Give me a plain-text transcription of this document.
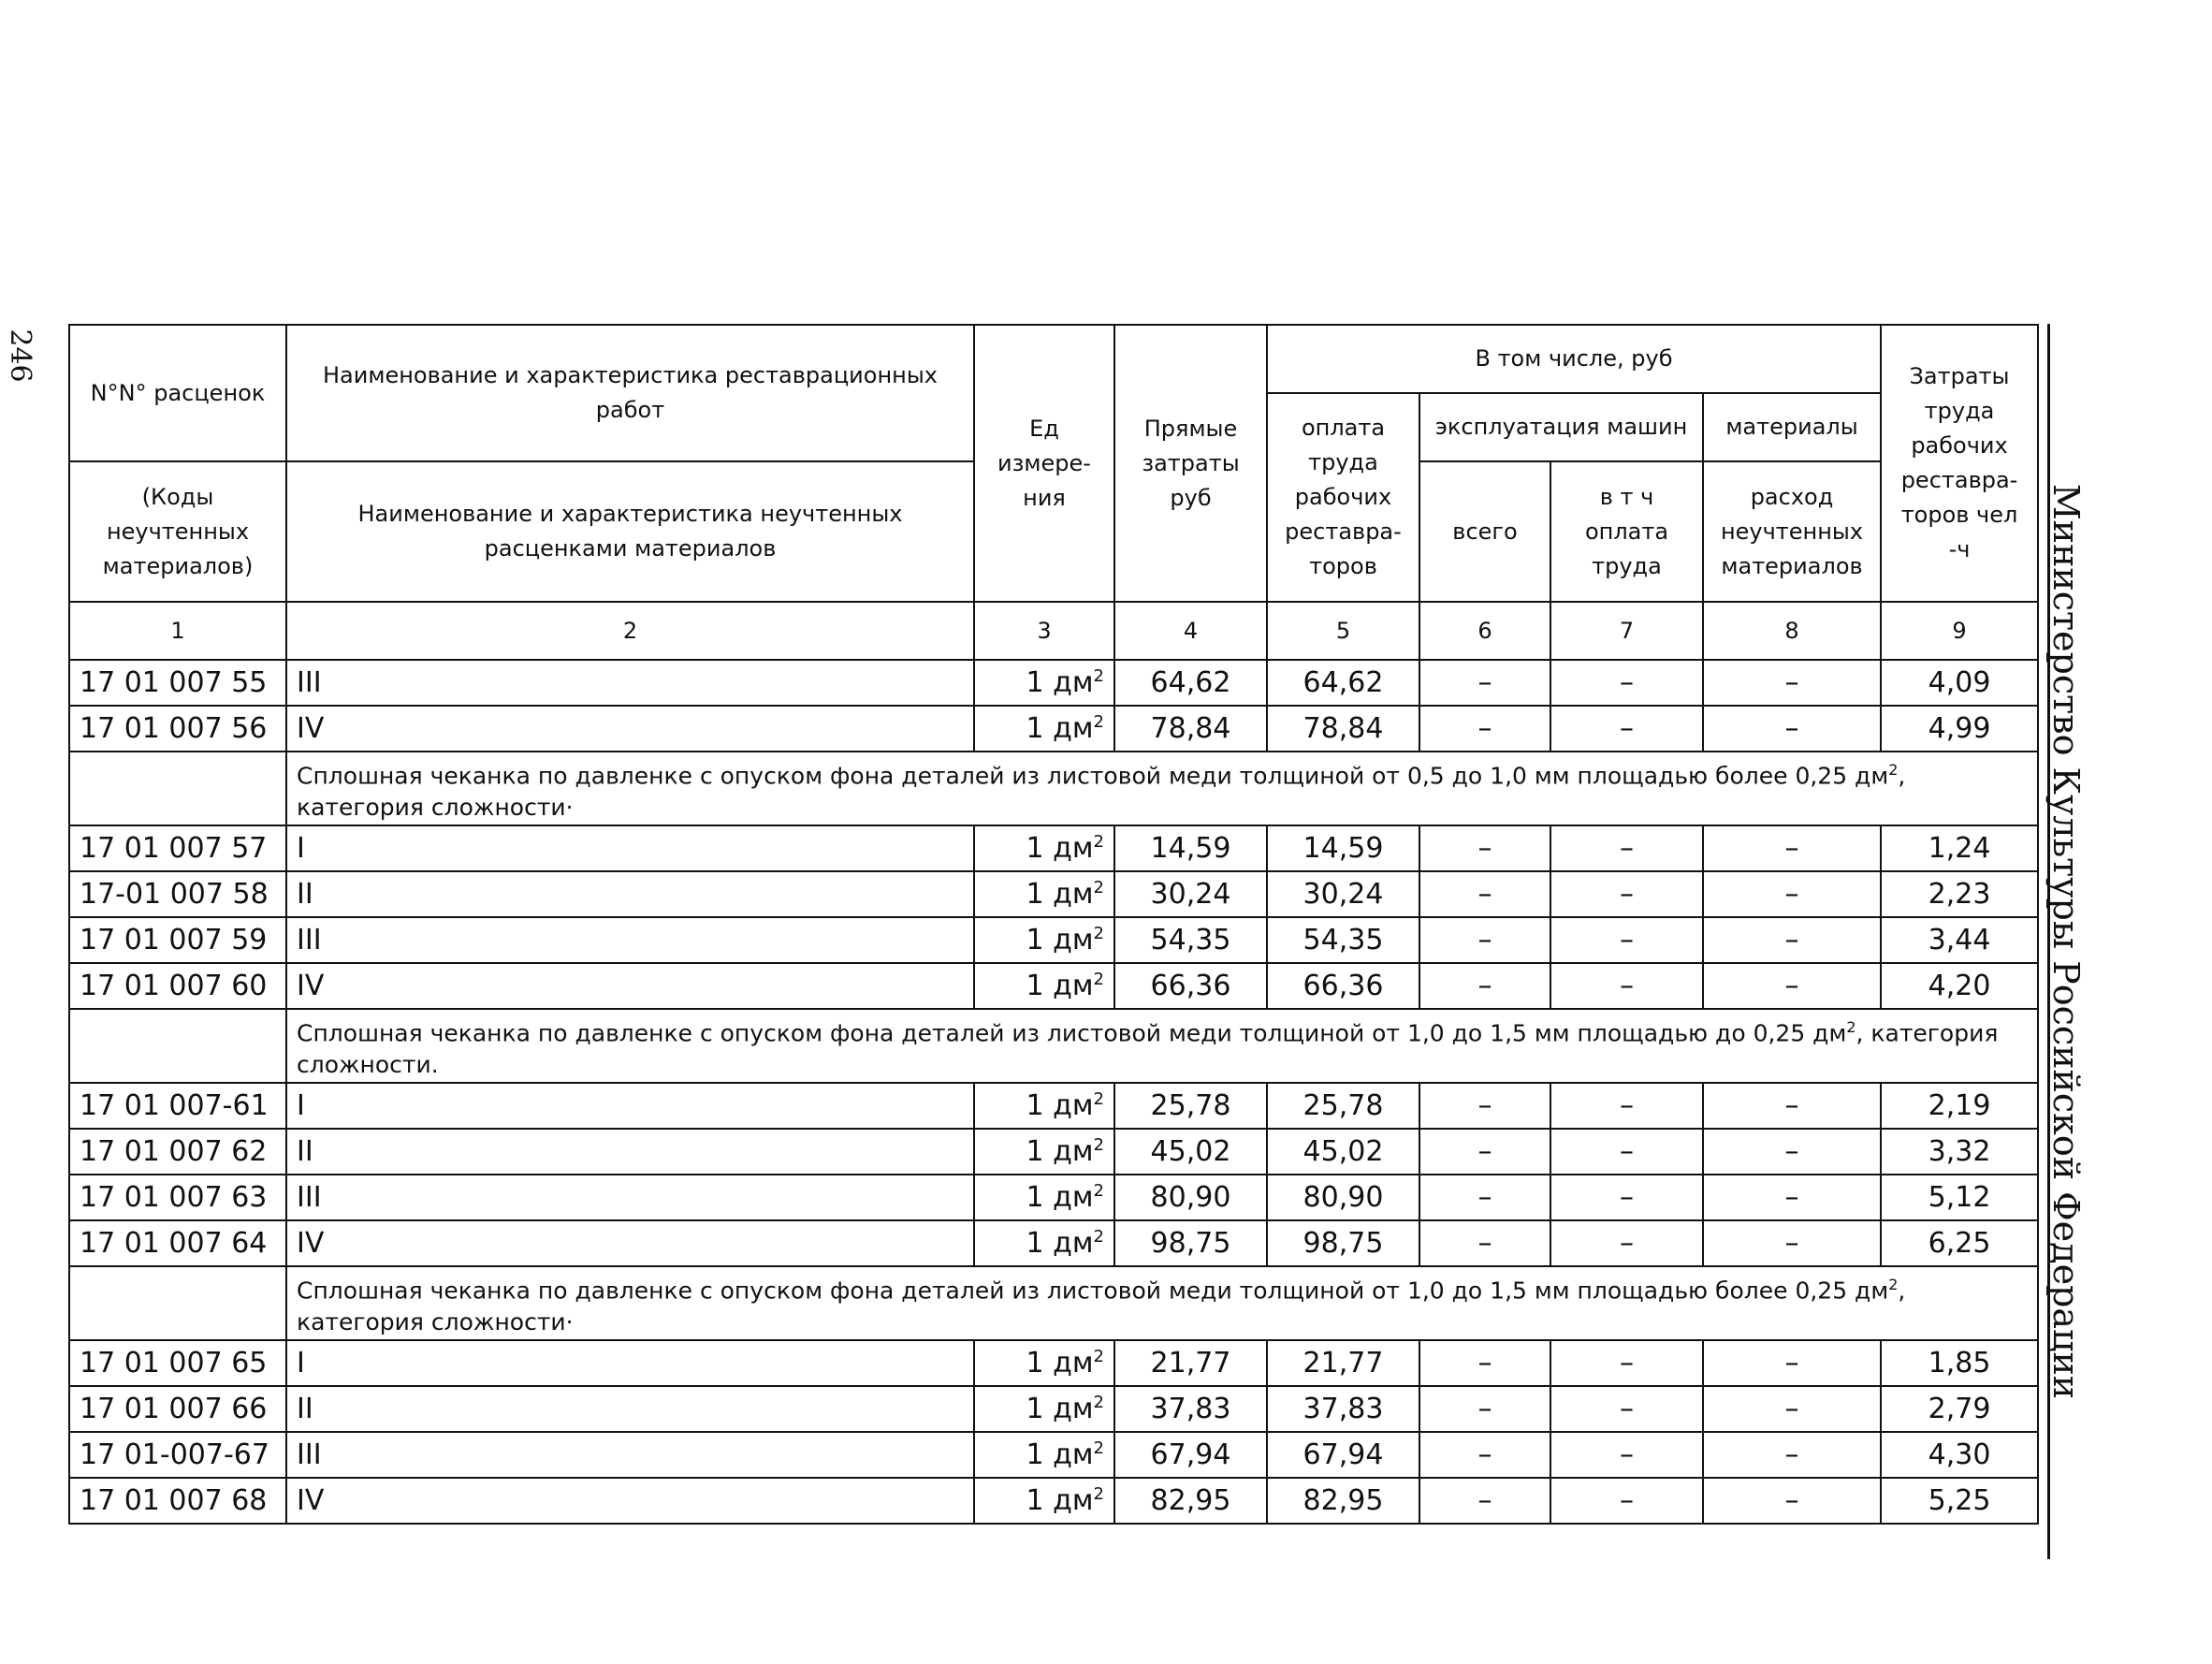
246
Министерство Культуры Российской Федерации
N°N° расценок	Наименование и характеристика реставрационных работ	Ед измере- ния	Прямые затраты руб	В том числе, руб				Затраты труда рабочих реставра- торов чел -ч
				оплата труда рабочих реставра- торов	эксплуатация машин		материалы	
(Коды неучтенных материалов)	Наименование и характеристика неучтенных расценками материалов				всего	в т ч оплата труда	расход неучтенных материалов	
1	2	3	4	5	6	7	8	9
17 01 007 55	III	1 $дм^2$	64,62	64,62	–	–	–	4,09
17 01 007 56	IV	1 $дм^2$	78,84	78,84	–	–	–	4,99
	Сплошная чеканка по давленке с опуском фона деталей из листовой меди толщиной от 0,5 до 1,0 мм площадью более 0,25 $дм^2$, категория сложности·							
17 01 007 57	I	1 $дм^2$	14,59	14,59	–	–	–	1,24
17-01 007 58	II	1 $дм^2$	30,24	30,24	–	–	–	2,23
17 01 007 59	III	1 $дм^2$	54,35	54,35	–	–	–	3,44
17 01 007 60	IV	1 $дм^2$	66,36	66,36	–	–	–	4,20
	Сплошная чеканка по давленке с опуском фона деталей из листовой меди толщиной от 1,0 до 1,5 мм площадью до 0,25 $дм^2$, категория сложности.							
17 01 007-61	I	1 $дм^2$	25,78	25,78	–	–	–	2,19
17 01 007 62	II	1 $дм^2$	45,02	45,02	–	–	–	3,32
17 01 007 63	III	1 $дм^2$	80,90	80,90	–	–	–	5,12
17 01 007 64	IV	1 $дм^2$	98,75	98,75	–	–	–	6,25
	Сплошная чеканка по давленке с опуском фона деталей из листовой меди толщиной от 1,0 до 1,5 мм площадью более 0,25 $дм^2$, категория сложности·							
17 01 007 65	I	1 $дм^2$	21,77	21,77	–	–	–	1,85
17 01 007 66	II	1 $дм^2$	37,83	37,83	–	–	–	2,79
17 01-007-67	III	1 $дм^2$	67,94	67,94	–	–	–	4,30
17 01 007 68	IV	1 $дм^2$	82,95	82,95	–	–	–	5,25
